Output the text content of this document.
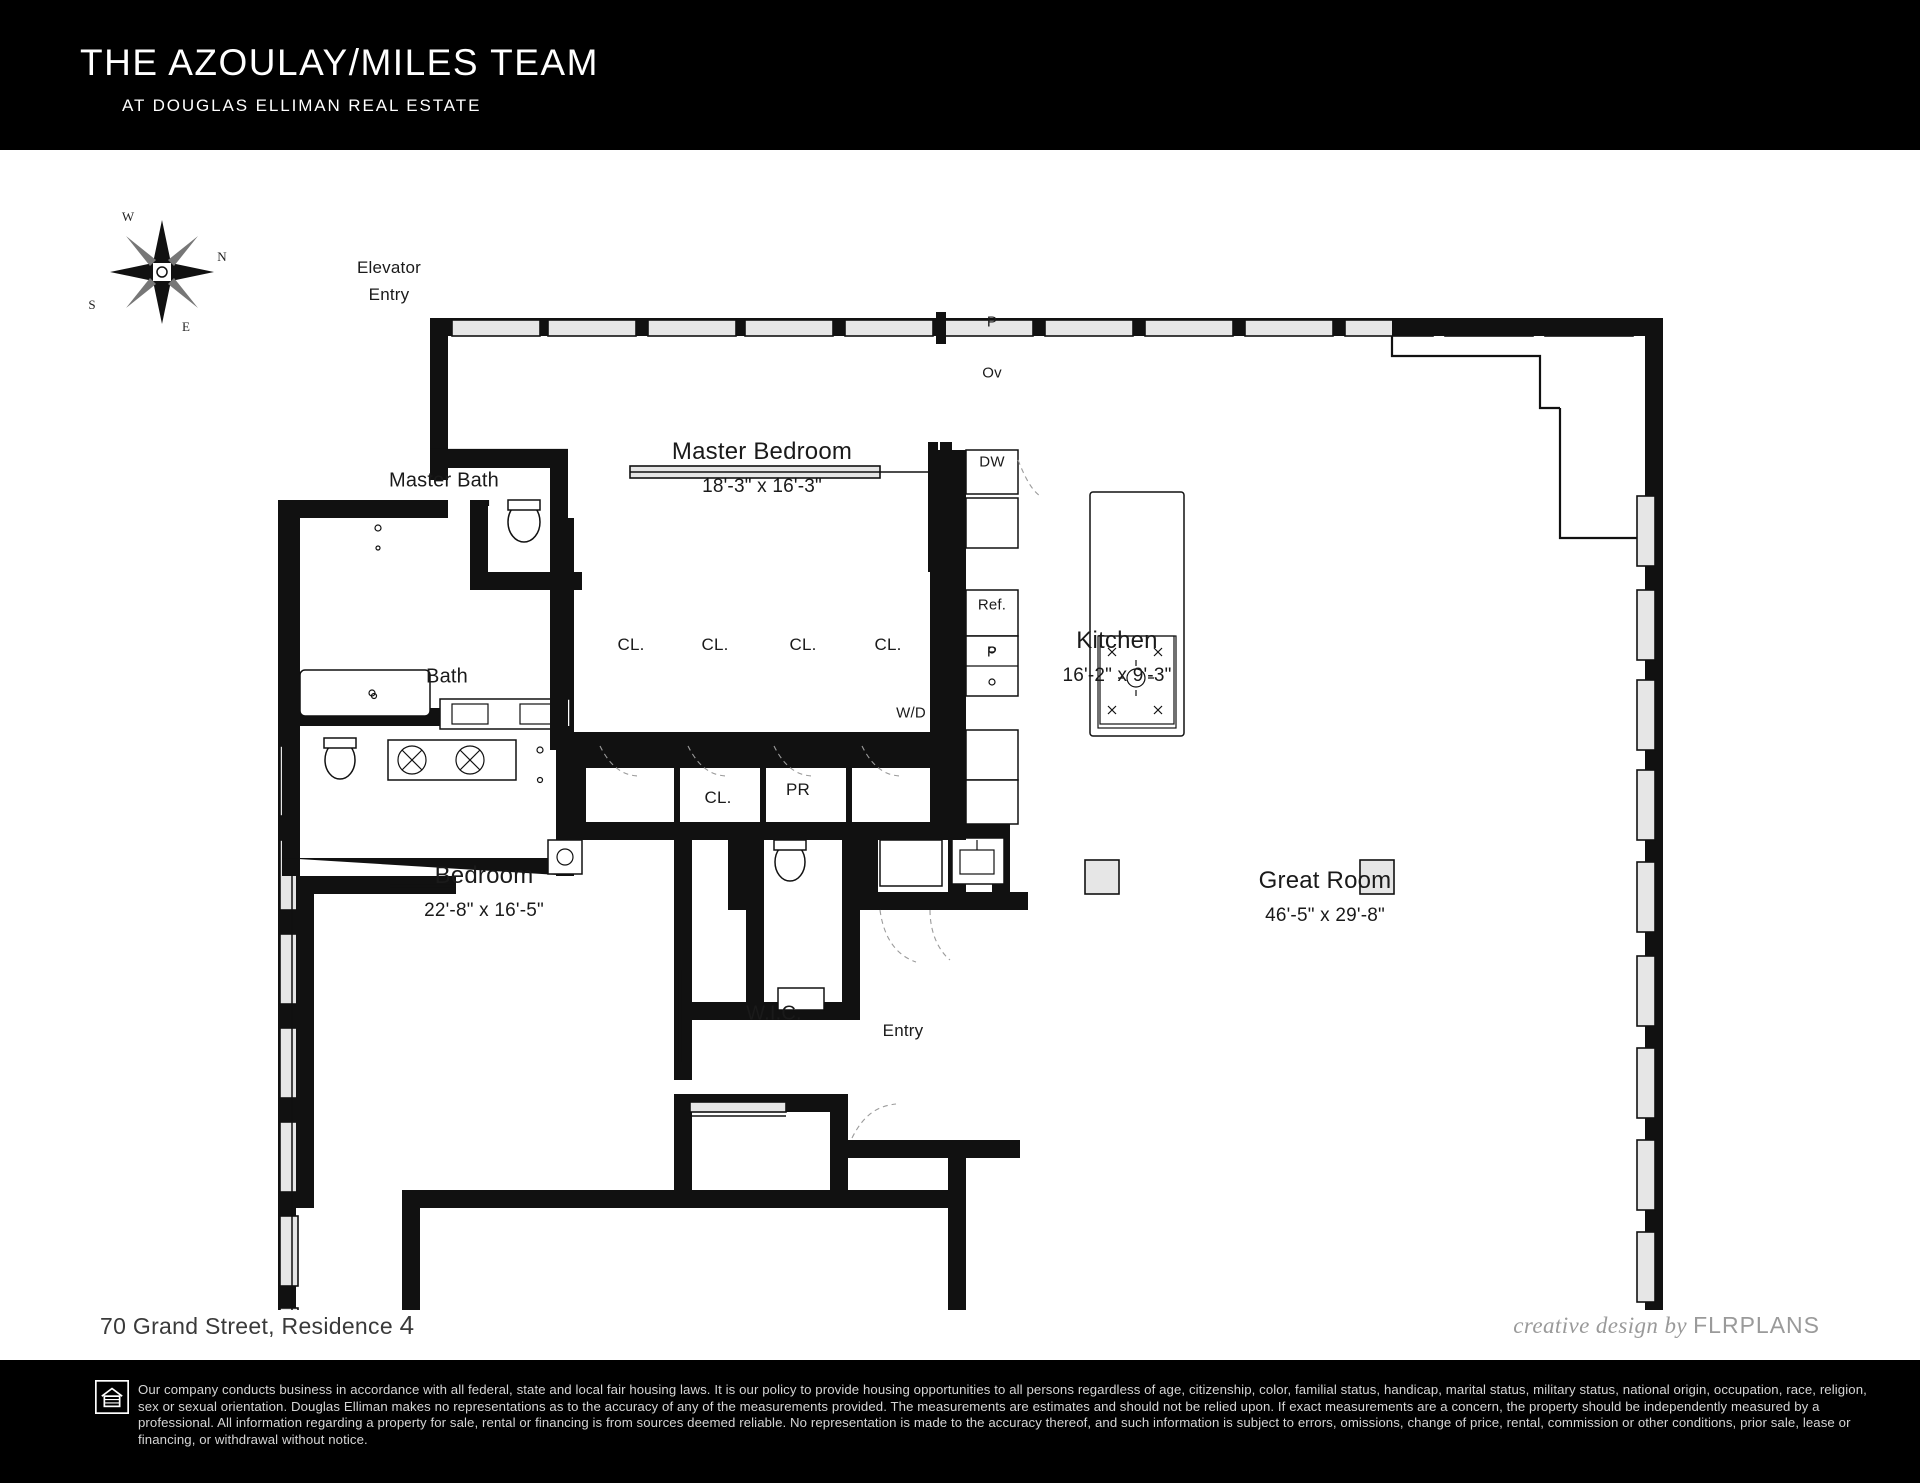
THE AZOULAY/MILES TEAM
AT DOUGLAS ELLIMAN REAL ESTATE
N
S
E
W
Elevator
Entry
Master Bedroom
18'-3" x 16'-3"
Master Bath
Bath
Kitchen
16'-2" x 9'-3"
Great Room
46'-5" x 29'-8"
Bedroom
22'-8" x 16'-5"
W.I.C.
Entry
PR
CL.
CL.	CL.	CL.	CL.
P
Ov
DW
Ref.
P
W/D
70 Grand Street, Residence 4	creative design by FLRPLANS
Our company conducts business in accordance with all federal, state and local fair housing laws. It is our policy to provide housing opportunities to all persons regardless of age, citizenship, color, familial status, handicap, marital status, military status, national origin, occupation, race, religion, sex or sexual orientation. Douglas Elliman makes no representations as to the accuracy of any of the measurements provided. The measurements are estimates and should not be relied upon. If exact measurements are a concern, the property should be independently measured by a professional. All information regarding a property for sale, rental or financing is from sources deemed reliable. No representation is made to the accuracy thereof, and such information is subject to errors, omissions, change of price, rental, commission or other conditions, prior sale, lease or financing, or withdrawal without notice.
